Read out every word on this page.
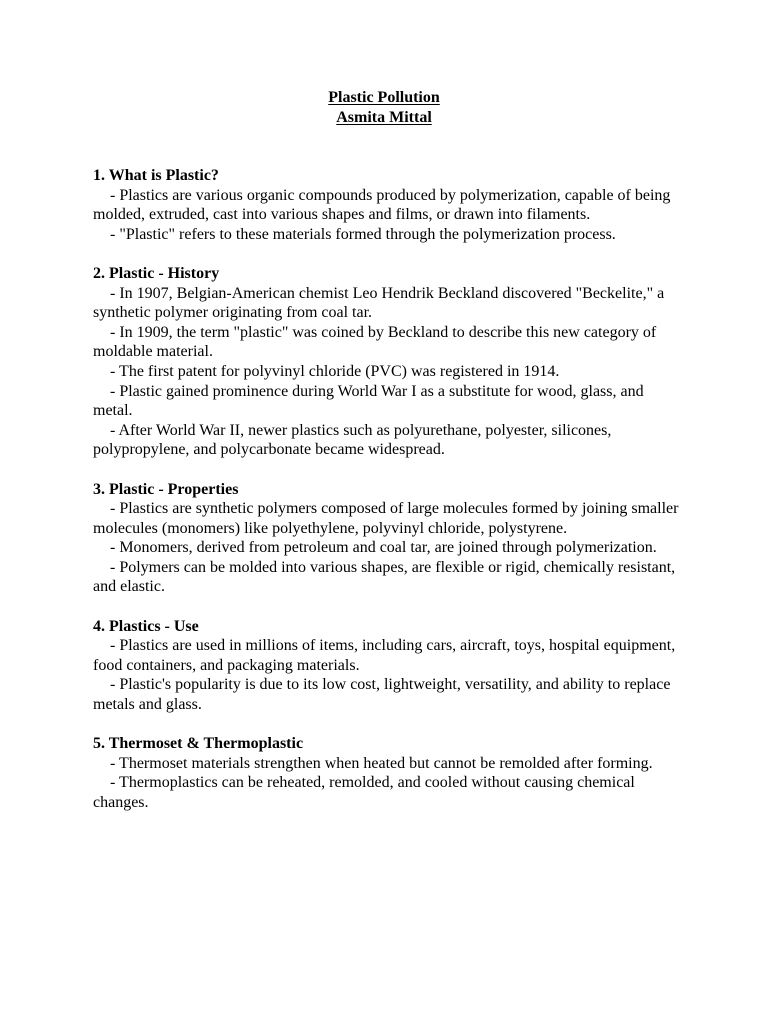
Plastic Pollution
Asmita Mittal
1. What is Plastic?
- Plastics are various organic compounds produced by polymerization, capable of being molded, extruded, cast into various shapes and films, or drawn into filaments.
- "Plastic" refers to these materials formed through the polymerization process.
2. Plastic - History
- In 1907, Belgian-American chemist Leo Hendrik Beckland discovered "Beckelite," a synthetic polymer originating from coal tar.
- In 1909, the term "plastic" was coined by Beckland to describe this new category of moldable material.
- The first patent for polyvinyl chloride (PVC) was registered in 1914.
- Plastic gained prominence during World War I as a substitute for wood, glass, and metal.
- After World War II, newer plastics such as polyurethane, polyester, silicones, polypropylene, and polycarbonate became widespread.
3. Plastic - Properties
- Plastics are synthetic polymers composed of large molecules formed by joining smaller molecules (monomers) like polyethylene, polyvinyl chloride, polystyrene.
- Monomers, derived from petroleum and coal tar, are joined through polymerization.
- Polymers can be molded into various shapes, are flexible or rigid, chemically resistant, and elastic.
4. Plastics - Use
- Plastics are used in millions of items, including cars, aircraft, toys, hospital equipment, food containers, and packaging materials.
- Plastic's popularity is due to its low cost, lightweight, versatility, and ability to replace metals and glass.
5. Thermoset & Thermoplastic
- Thermoset materials strengthen when heated but cannot be remolded after forming.
- Thermoplastics can be reheated, remolded, and cooled without causing chemical changes.
